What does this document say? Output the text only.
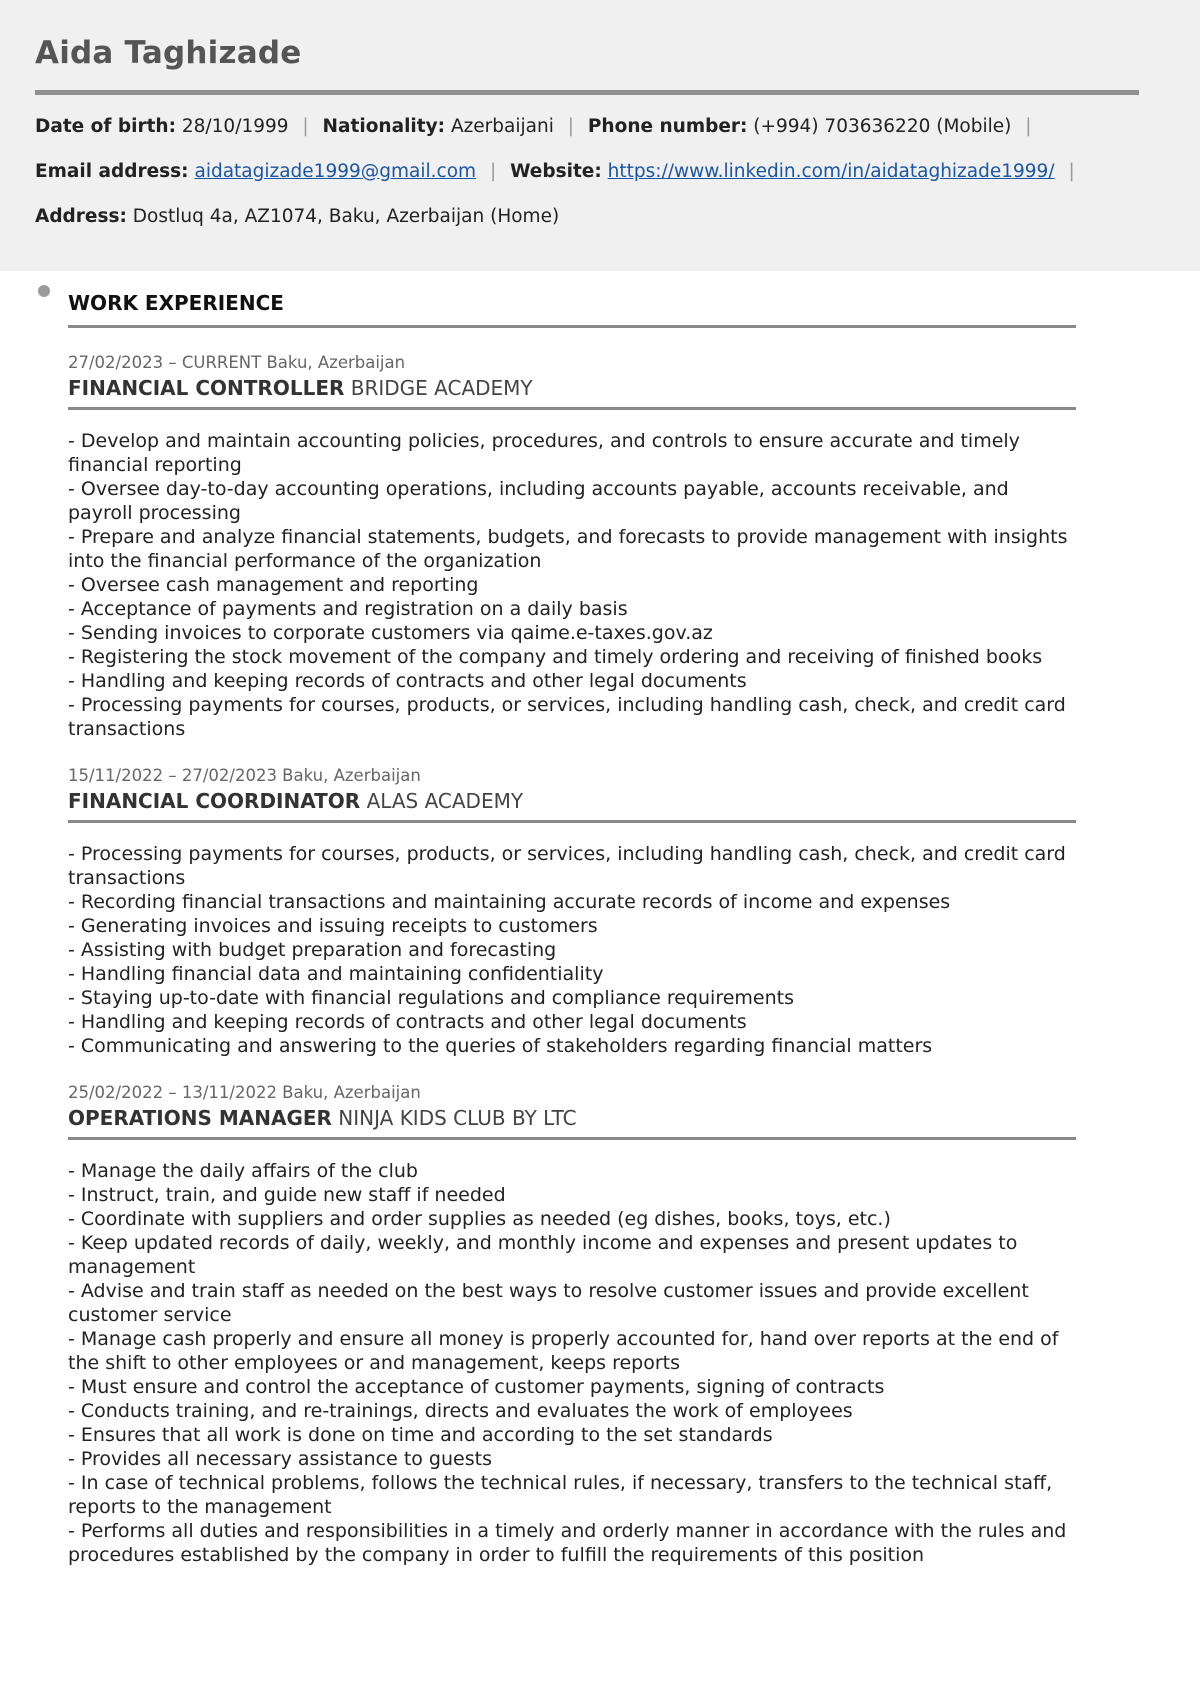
Aida Taghizade
Date of birth: 28/10/1999 | Nationality: Azerbaijani | Phone number: (+994) 703636220 (Mobile) |
Email address: aidatagizade1999@gmail.com | Website: https://www.linkedin.com/in/aidataghizade1999/ |
Address: Dostluq 4a, AZ1074, Baku, Azerbaijan (Home)
WORK EXPERIENCE
27/02/2023 – CURRENT Baku, Azerbaijan
FINANCIAL CONTROLLER BRIDGE ACADEMY
- Develop and maintain accounting policies, procedures, and controls to ensure accurate and timely financial reporting
- Oversee day-to-day accounting operations, including accounts payable, accounts receivable, and payroll processing
- Prepare and analyze financial statements, budgets, and forecasts to provide management with insights into the financial performance of the organization
- Oversee cash management and reporting
- Acceptance of payments and registration on a daily basis
- Sending invoices to corporate customers via qaime.e-taxes.gov.az
- Registering the stock movement of the company and timely ordering and receiving of finished books
- Handling and keeping records of contracts and other legal documents
- Processing payments for courses, products, or services, including handling cash, check, and credit card transactions
15/11/2022 – 27/02/2023 Baku, Azerbaijan
FINANCIAL COORDINATOR ALAS ACADEMY
- Processing payments for courses, products, or services, including handling cash, check, and credit card transactions
- Recording financial transactions and maintaining accurate records of income and expenses
- Generating invoices and issuing receipts to customers
- Assisting with budget preparation and forecasting
- Handling financial data and maintaining confidentiality
- Staying up-to-date with financial regulations and compliance requirements
- Handling and keeping records of contracts and other legal documents
- Communicating and answering to the queries of stakeholders regarding financial matters
25/02/2022 – 13/11/2022 Baku, Azerbaijan
OPERATIONS MANAGER NINJA KIDS CLUB BY LTC
- Manage the daily affairs of the club
- Instruct, train, and guide new staff if needed
- Coordinate with suppliers and order supplies as needed (eg dishes, books, toys, etc.)
- Keep updated records of daily, weekly, and monthly income and expenses and present updates to management
- Advise and train staff as needed on the best ways to resolve customer issues and provide excellent customer service
- Manage cash properly and ensure all money is properly accounted for, hand over reports at the end of the shift to other employees or and management, keeps reports
- Must ensure and control the acceptance of customer payments, signing of contracts
- Conducts training, and re-trainings, directs and evaluates the work of employees
- Ensures that all work is done on time and according to the set standards
- Provides all necessary assistance to guests
- In case of technical problems, follows the technical rules, if necessary, transfers to the technical staff, reports to the management
- Performs all duties and responsibilities in a timely and orderly manner in accordance with the rules and procedures established by the company in order to fulfill the requirements of this position
